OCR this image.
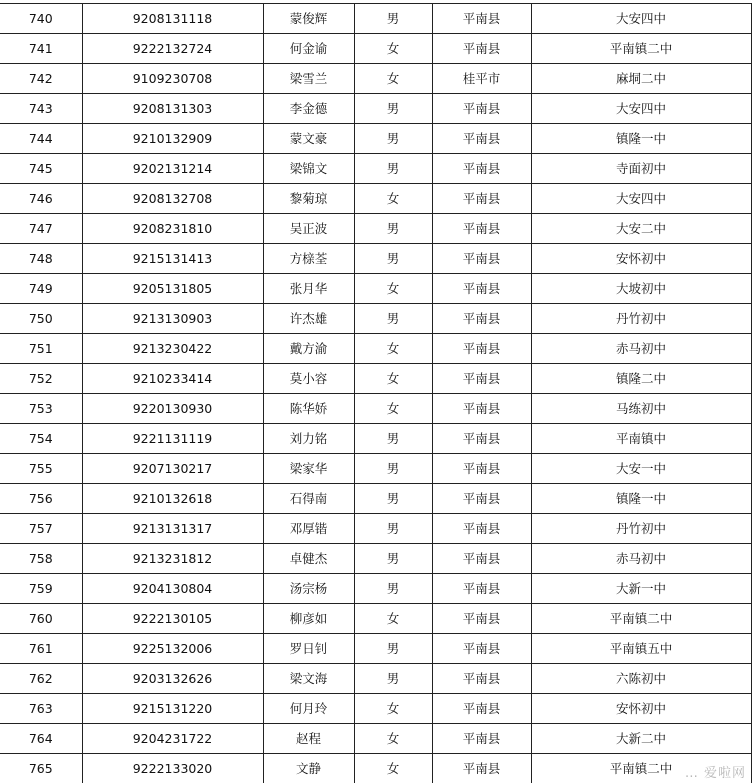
740	9208131118	蒙俊辉	男	平南县	大安四中
741	9222132724	何金谕	女	平南县	平南镇二中
742	9109230708	梁雪兰	女	桂平市	麻垌二中
743	9208131303	李金德	男	平南县	大安四中
744	9210132909	蒙文豪	男	平南县	镇隆一中
745	9202131214	梁锦文	男	平南县	寺面初中
746	9208132708	黎菊琼	女	平南县	大安四中
747	9208231810	吴正波	男	平南县	大安二中
748	9215131413	方榇荃	男	平南县	安怀初中
749	9205131805	张月华	女	平南县	大坡初中
750	9213130903	许杰雄	男	平南县	丹竹初中
751	9213230422	戴方渝	女	平南县	赤马初中
752	9210233414	莫小容	女	平南县	镇隆二中
753	9220130930	陈华娇	女	平南县	马练初中
754	9221131119	刘力铭	男	平南县	平南镇中
755	9207130217	梁家华	男	平南县	大安一中
756	9210132618	石得南	男	平南县	镇隆一中
757	9213131317	邓厚锴	男	平南县	丹竹初中
758	9213231812	卓健杰	男	平南县	赤马初中
759	9204130804	汤宗杨	男	平南县	大新一中
760	9222130105	柳彦如	女	平南县	平南镇二中
761	9225132006	罗日钊	男	平南县	平南镇五中
762	9203132626	梁文海	男	平南县	六陈初中
763	9215131220	何月玲	女	平南县	安怀初中
764	9204231722	赵程	女	平南县	大新二中
765	9222133020	文静	女	平南县	平南镇二中 … 爱啦网
